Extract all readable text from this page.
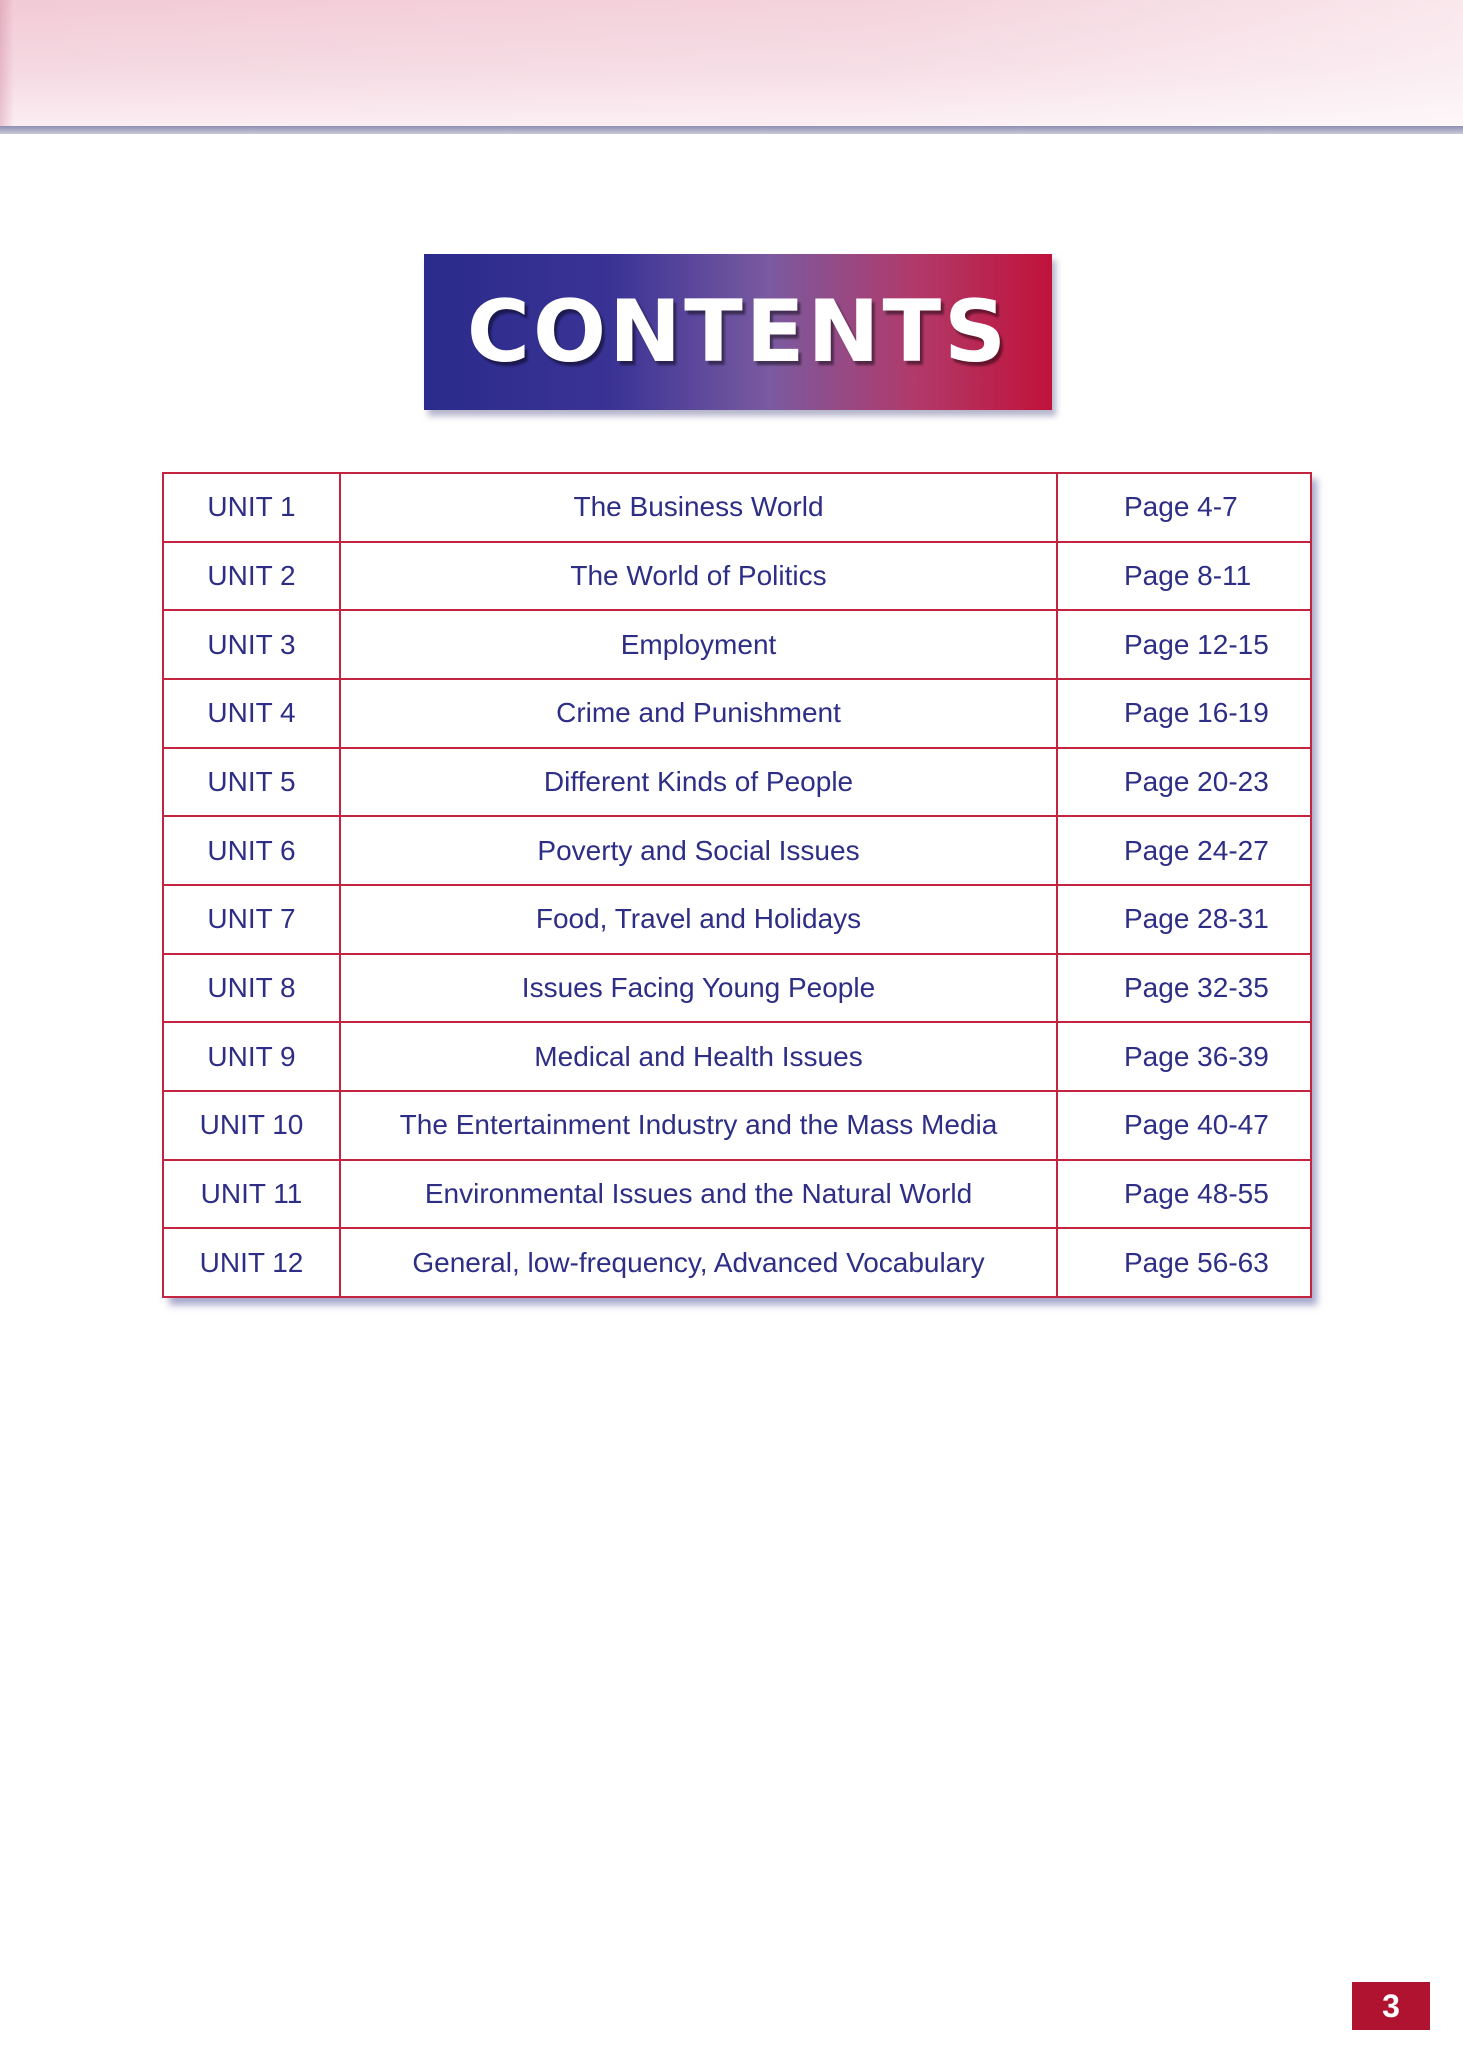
CONTENTS
UNIT 1	The Business World	Page 4-7
UNIT 2	The World of Politics	Page 8-11
UNIT 3	Employment	Page 12-15
UNIT 4	Crime and Punishment	Page 16-19
UNIT 5	Different Kinds of People	Page 20-23
UNIT 6	Poverty and Social Issues	Page 24-27
UNIT 7	Food, Travel and Holidays	Page 28-31
UNIT 8	Issues Facing Young People	Page 32-35
UNIT 9	Medical and Health Issues	Page 36-39
UNIT 10	The Entertainment Industry and the Mass Media	Page 40-47
UNIT 11	Environmental Issues and the Natural World	Page 48-55
UNIT 12	General, low-frequency, Advanced Vocabulary	Page 56-63
3
